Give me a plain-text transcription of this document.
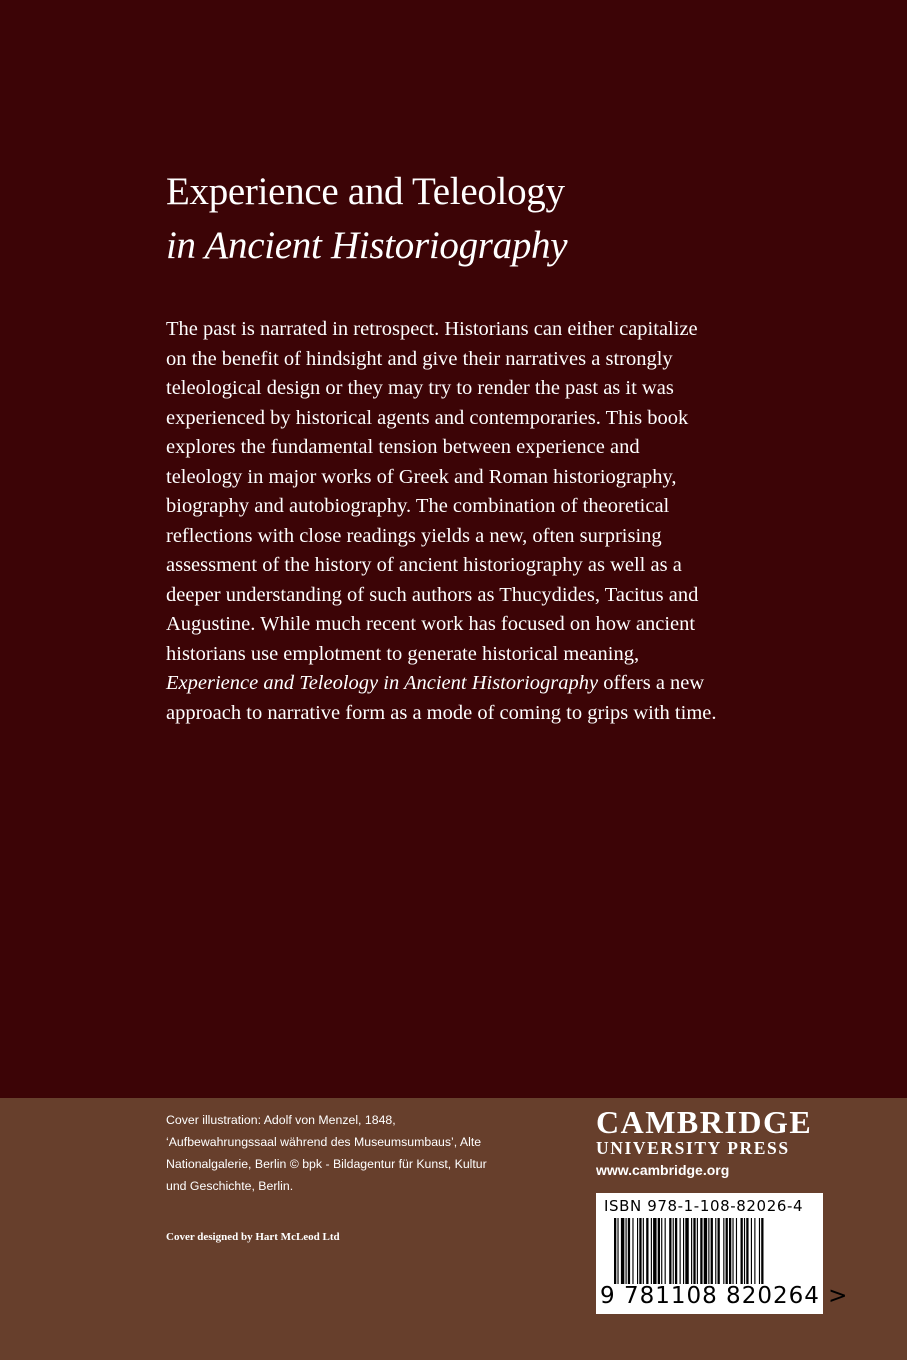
Experience and Teleology
in Ancient Historiography

The past is narrated in retrospect. Historians can either capitalize
on the benefit of hindsight and give their narratives a strongly
teleological design or they may try to render the past as it was
experienced by historical agents and contemporaries. This book
explores the fundamental tension between experience and
teleology in major works of Greek and Roman historiography,
biography and autobiography. The combination of theoretical
reflections with close readings yields a new, often surprising
assessment of the history of ancient historiography as well as a
deeper understanding of such authors as Thucydides, Tacitus and
Augustine. While much recent work has focused on how ancient
historians use emplotment to generate historical meaning,
Experience and Teleology in Ancient Historiography offers a new
approach to narrative form as a mode of coming to grips with time.

Cover illustration: Adolf von Menzel, 1848,
‘Aufbewahrungssaal während des Museumsumbaus’, Alte
Nationalgalerie, Berlin © bpk - Bildagentur für Kunst, Kultur
und Geschichte, Berlin.

Cover designed by Hart McLeod Ltd
CAMBRIDGE
UNIVERSITY PRESS
www.cambridge.org
ISBN 978-1-108-82026-4
9 781108 820264 >
